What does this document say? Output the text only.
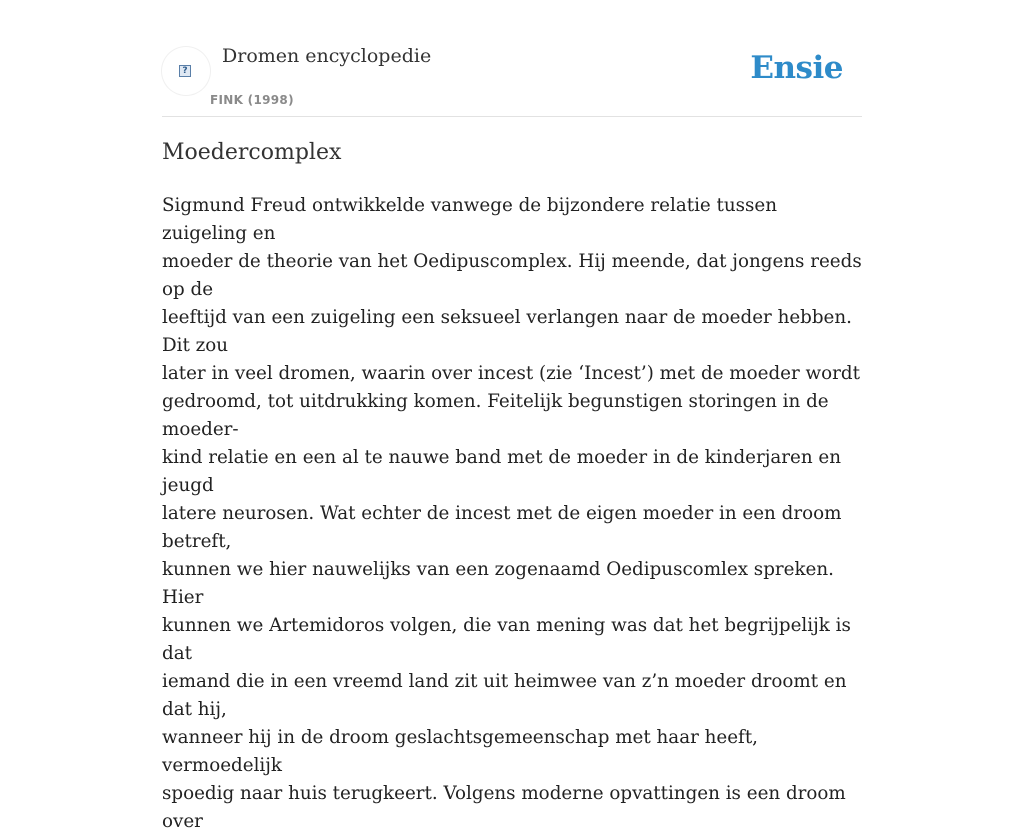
?
Dromen encyclopedie
FINK (1998)
Ensie
Moedercomplex

Sigmund Freud ontwikkelde vanwege de bijzondere relatie tussen zuigeling en
moeder de theorie van het Oedipuscomplex. Hij meende, dat jongens reeds op de
leeftijd van een zuigeling een seksueel verlangen naar de moeder hebben. Dit zou
later in veel dromen, waarin over incest (zie ‘Incest’) met de moeder wordt
gedroomd, tot uitdrukking komen. Feitelijk begunstigen storingen in de moeder-
kind relatie en een al te nauwe band met de moeder in de kinderjaren en jeugd
latere neurosen. Wat echter de incest met de eigen moeder in een droom betreft,
kunnen we hier nauwelijks van een zogenaamd Oedipuscomlex spreken. Hier
kunnen we Artemidoros volgen, die van mening was dat het begrijpelijk is dat
iemand die in een vreemd land zit uit heimwee van z’n moeder droomt en dat hij,
wanneer hij in de droom geslachtsgemeenschap met haar heeft, vermoedelijk
spoedig naar huis terugkeert. Volgens moderne opvattingen is een droom over
